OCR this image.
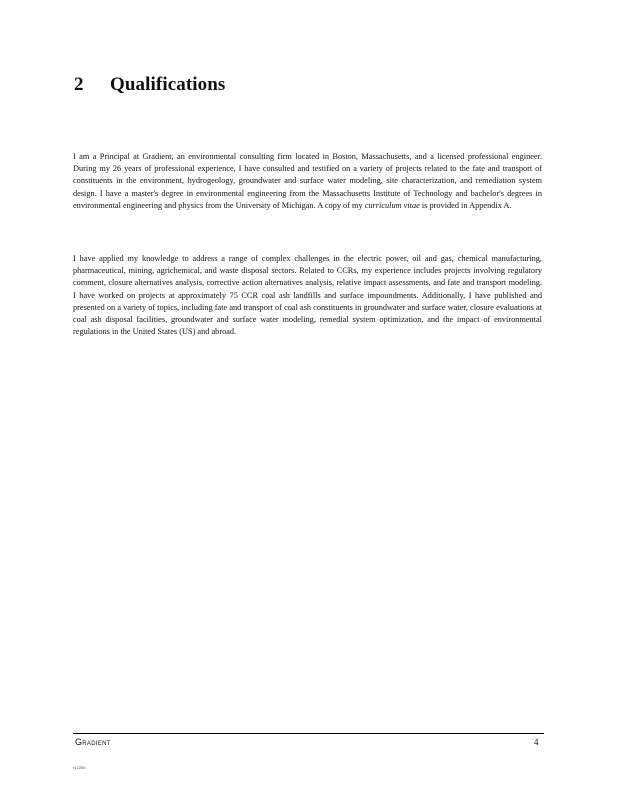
2 Qualifications

I am a Principal at Gradient, an environmental consulting firm located in Boston, Massachusetts, and a licensed professional engineer. During my 26 years of professional experience, I have consulted and testified on a variety of projects related to the fate and transport of constituents in the environment, hydrogeology, groundwater and surface water modeling, site characterization, and remediation system design. I have a master's degree in environmental engineering from the Massachusetts Institute of Technology and bachelor's degrees in environmental engineering and physics from the University of Michigan. A copy of my curriculum vitae is provided in Appendix A.

I have applied my knowledge to address a range of complex challenges in the electric power, oil and gas, chemical manufacturing, pharmaceutical, mining, agrichemical, and waste disposal sectors. Related to CCRs, my experience includes projects involving regulatory comment, closure alternatives analysis, corrective action alternatives analysis, relative impact assessments, and fate and transport modeling. I have worked on projects at approximately 75 CCR coal ash landfills and surface impoundments. Additionally, I have published and presented on a variety of topics, including fate and transport of coal ash constituents in groundwater and surface water, closure evaluations at coal ash disposal facilities, groundwater and surface water modeling, remedial system optimization, and the impact of environmental regulations in the United States (US) and abroad.

Gradient	4
r1225ð
